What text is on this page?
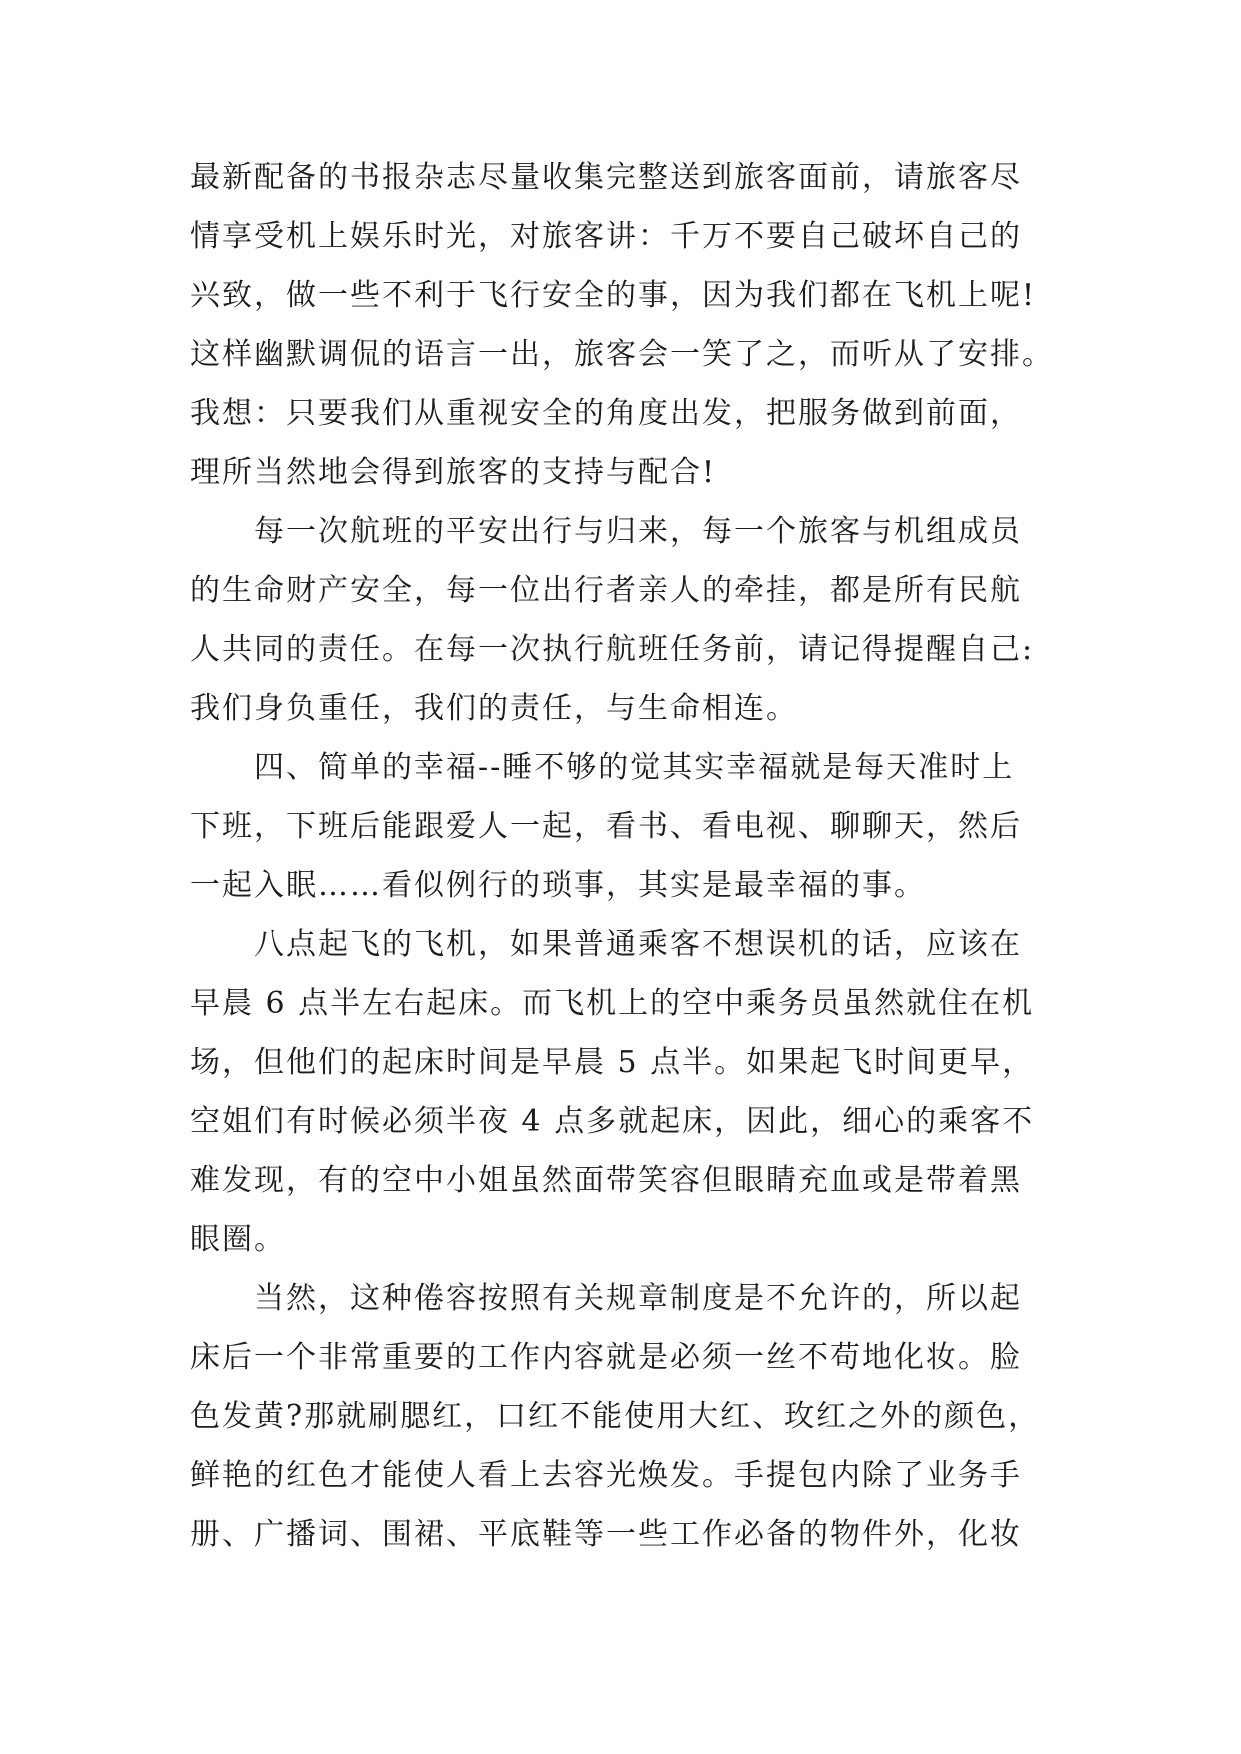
最新配备的书报杂志尽量收集完整送到旅客面前，请旅客尽
情享受机上娱乐时光，对旅客讲：千万不要自己破坏自己的
兴致，做一些不利于飞行安全的事，因为我们都在飞机上呢!
这样幽默调侃的语言一出，旅客会一笑了之，而听从了安排。
我想：只要我们从重视安全的角度出发，把服务做到前面，
理所当然地会得到旅客的支持与配合!
　　每一次航班的平安出行与归来，每一个旅客与机组成员
的生命财产安全，每一位出行者亲人的牵挂，都是所有民航
人共同的责任。在每一次执行航班任务前，请记得提醒自己:
我们身负重任，我们的责任，与生命相连。
　　四、简单的幸福--睡不够的觉其实幸福就是每天准时上
下班，下班后能跟爱人一起，看书、看电视、聊聊天，然后
一起入眠……看似例行的琐事，其实是最幸福的事。
　　八点起飞的飞机，如果普通乘客不想误机的话，应该在
早晨 6 点半左右起床。而飞机上的空中乘务员虽然就住在机
场，但他们的起床时间是早晨 5 点半。如果起飞时间更早，
空姐们有时候必须半夜 4 点多就起床，因此，细心的乘客不
难发现，有的空中小姐虽然面带笑容但眼睛充血或是带着黑
眼圈。
　　当然，这种倦容按照有关规章制度是不允许的，所以起
床后一个非常重要的工作内容就是必须一丝不苟地化妆。脸
色发黄?那就刷腮红，口红不能使用大红、玫红之外的颜色，
鲜艳的红色才能使人看上去容光焕发。手提包内除了业务手
册、广播词、围裙、平底鞋等一些工作必备的物件外，化妆
